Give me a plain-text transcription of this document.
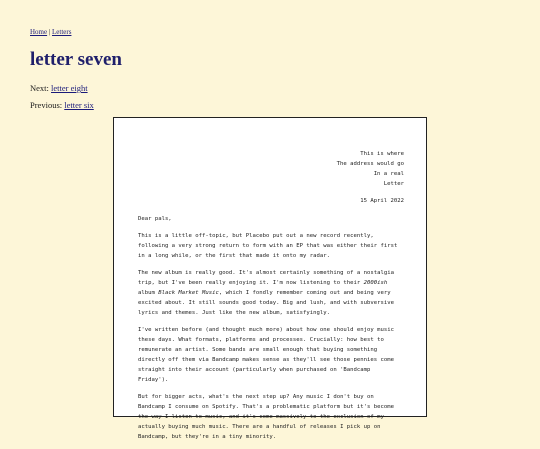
Home | Letters
letter seven
Next: letter eight
Previous: letter six
This is where
The address would go
In a real
Letter
15 April 2022

Dear pals,

This is a little off-topic, but Placebo put out a new record recently, following a very strong return to form with an EP that was either their first in a long while, or the first that made it onto my radar.

The new album is really good. It's almost certainly something of a nostalgia trip, but I've been really enjoying it. I'm now listening to their 2000ish album Black Market Music, which I fondly remember coming out and being very excited about. It still sounds good today. Big and lush, and with subversive lyrics and themes. Just like the new album, satisfyingly.

I've written before (and thought much more) about how one should enjoy music these days. What formats, platforms and processes. Crucially: how best to remunerate an artist. Some bands are small enough that buying something directly off them via Bandcamp makes sense as they'll see those pennies come straight into their account (particularly when purchased on 'Bandcamp Friday').

But for bigger acts, what's the next step up? Any music I don't buy on Bandcamp I consume on Spotify. That's a problematic platform but it's become the way I listen to music, and it's come massively to the exclusion of my actually buying much music. There are a handful of releases I pick up on Bandcamp, but they're in a tiny minority.
